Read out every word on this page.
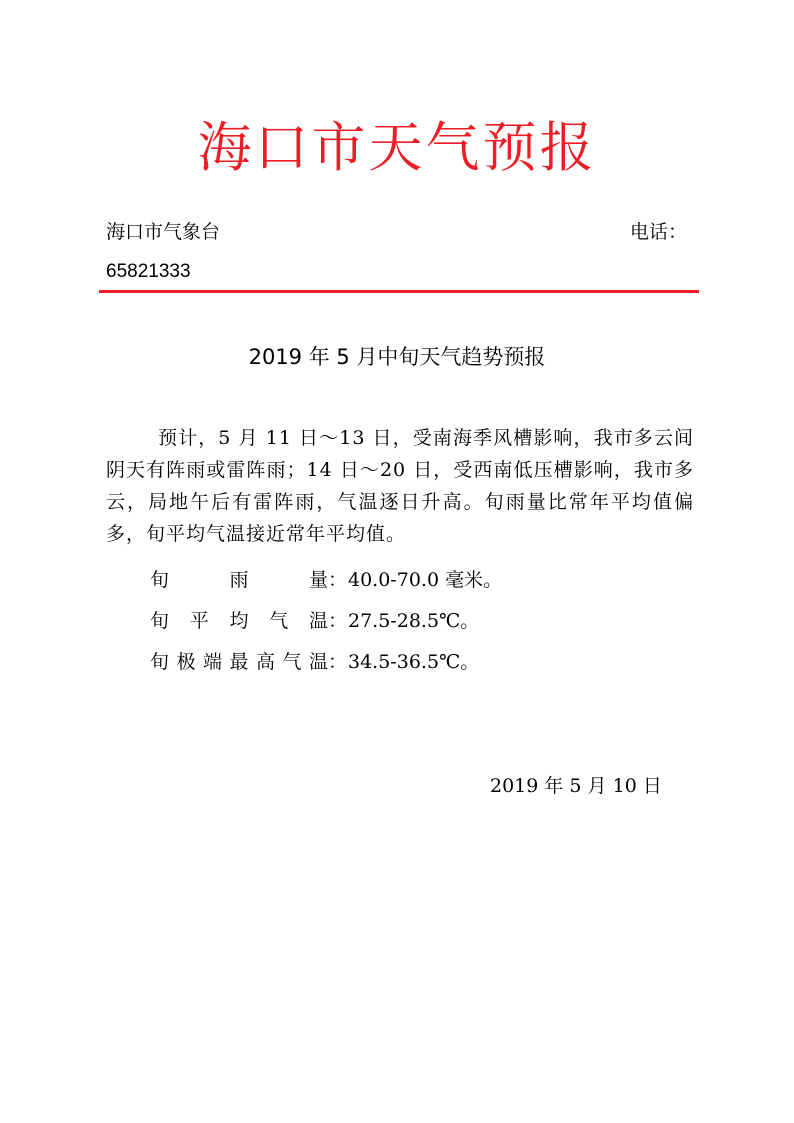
海口市天气预报
海口市气象台	电话：
65821333
2019 年 5 月中旬天气趋势预报
预计，5 月 11 日～13 日，受南海季风槽影响，我市多云间阴天有阵雨或雷阵雨；14 日～20 日，受西南低压槽影响，我市多云，局地午后有雷阵雨，气温逐日升高。旬雨量比常年平均值偏多，旬平均气温接近常年平均值。
旬雨量：40.0-70.0 毫米。
旬平均气温：27.5-28.5℃。
旬极端最高气温：34.5-36.5℃。
2019 年 5 月 10 日
